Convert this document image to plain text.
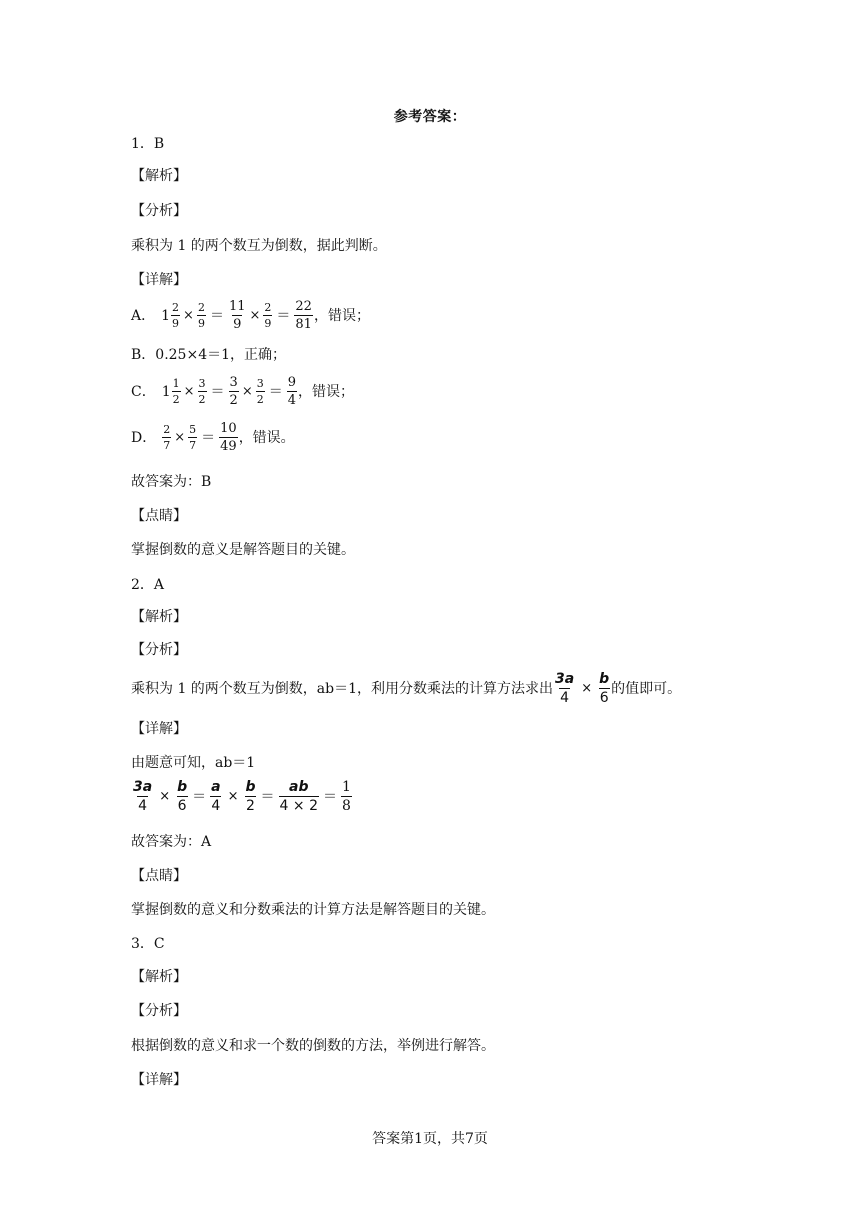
参考答案：
1．B
【解析】
【分析】
乘积为 1 的两个数互为倒数，据此判断。
【详解】
A． $1 \frac{2}{9} \times \frac{2}{9} = \frac{11}{9} \times \frac{2}{9} = \frac{22}{81}$ ，错误；
B．0.25×4＝1，正确；
C． $1 \frac{1}{2} \times \frac{3}{2} = \frac{3}{2} \times \frac{3}{2} = \frac{9}{4}$ ，错误；
D． $\frac{2}{7} \times \frac{5}{7} = \frac{10}{49}$ ，错误。
故答案为：B
【点睛】
掌握倒数的意义是解答题目的关键。
2．A
【解析】
【分析】
乘积为 1 的两个数互为倒数，ab＝1，利用分数乘法的计算方法求出 $\frac{3a}{4} \times \frac{b}{6}$ 的值即可。
【详解】
由题意可知，ab＝1
$\frac{3a}{4} \times \frac{b}{6} = \frac{a}{4} \times \frac{b}{2} = \frac{ab}{4 \times 2} = \frac{1}{8}$
故答案为：A
【点睛】
掌握倒数的意义和分数乘法的计算方法是解答题目的关键。
3．C
【解析】
【分析】
根据倒数的意义和求一个数的倒数的方法，举例进行解答。
【详解】
答案第1页，共7页
